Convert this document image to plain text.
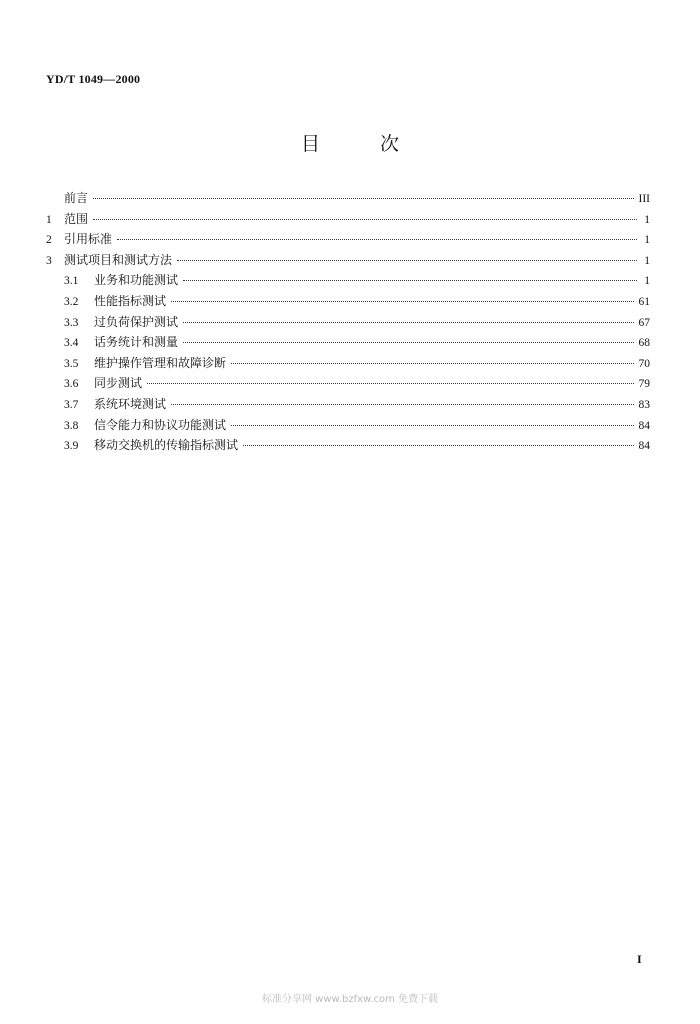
YD/T 1049—2000
目	次
前言	III
1	范围	1
2	引用标准	1
3	测试项目和测试方法	1
3.1	业务和功能测试	1
3.2	性能指标测试	61
3.3	过负荷保护测试	67
3.4	话务统计和测量	68
3.5	维护操作管理和故障诊断	70
3.6	同步测试	79
3.7	系统环境测试	83
3.8	信令能力和协议功能测试	84
3.9	移动交换机的传输指标测试	84
I
标准分享网 www.bzfxw.com 免费下载
